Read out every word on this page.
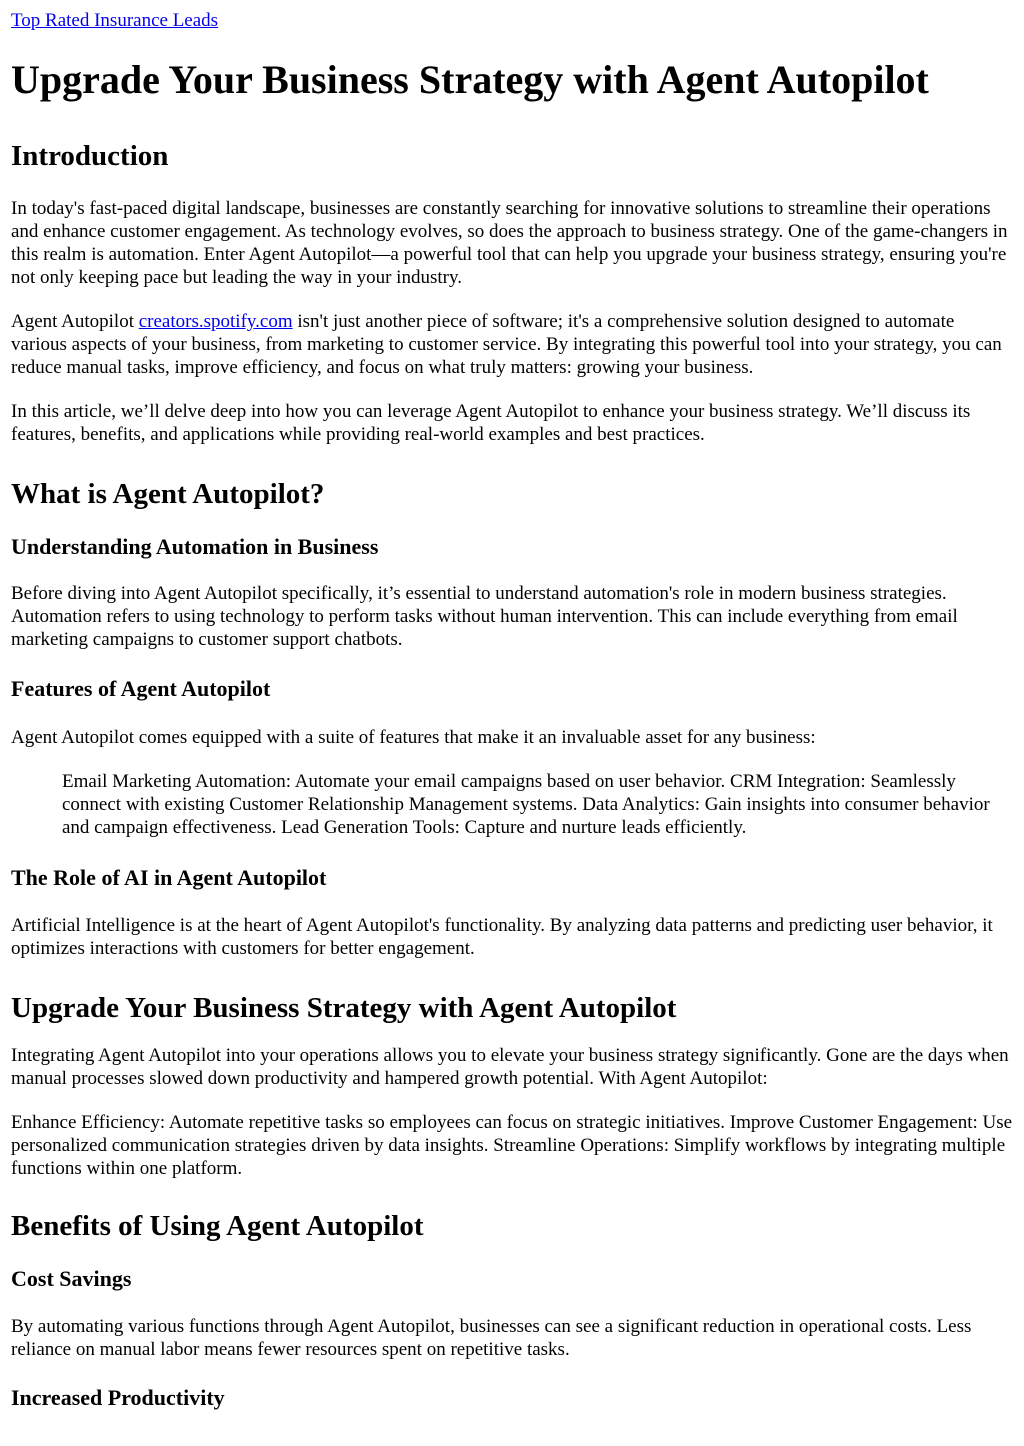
Top Rated Insurance Leads
Upgrade Your Business Strategy with Agent Autopilot
Introduction

In today's fast-paced digital landscape, businesses are constantly searching for innovative solutions to streamline their operations and enhance customer engagement. As technology evolves, so does the approach to business strategy. One of the game-changers in this realm is automation. Enter Agent Autopilot—a powerful tool that can help you upgrade your business strategy, ensuring you're not only keeping pace but leading the way in your industry.

Agent Autopilot creators.spotify.com isn't just another piece of software; it's a comprehensive solution designed to automate various aspects of your business, from marketing to customer service. By integrating this powerful tool into your strategy, you can reduce manual tasks, improve efficiency, and focus on what truly matters: growing your business.

In this article, we’ll delve deep into how you can leverage Agent Autopilot to enhance your business strategy. We’ll discuss its features, benefits, and applications while providing real-world examples and best practices.

What is Agent Autopilot?
Understanding Automation in Business

Before diving into Agent Autopilot specifically, it’s essential to understand automation's role in modern business strategies. Automation refers to using technology to perform tasks without human intervention. This can include everything from email marketing campaigns to customer support chatbots.

Features of Agent Autopilot

Agent Autopilot comes equipped with a suite of features that make it an invaluable asset for any business:

Email Marketing Automation: Automate your email campaigns based on user behavior. CRM Integration: Seamlessly connect with existing Customer Relationship Management systems. Data Analytics: Gain insights into consumer behavior and campaign effectiveness. Lead Generation Tools: Capture and nurture leads efficiently.
The Role of AI in Agent Autopilot

Artificial Intelligence is at the heart of Agent Autopilot's functionality. By analyzing data patterns and predicting user behavior, it optimizes interactions with customers for better engagement.

Upgrade Your Business Strategy with Agent Autopilot

Integrating Agent Autopilot into your operations allows you to elevate your business strategy significantly. Gone are the days when manual processes slowed down productivity and hampered growth potential. With Agent Autopilot:

Enhance Efficiency: Automate repetitive tasks so employees can focus on strategic initiatives. Improve Customer Engagement: Use personalized communication strategies driven by data insights. Streamline Operations: Simplify workflows by integrating multiple functions within one platform.

Benefits of Using Agent Autopilot
Cost Savings

By automating various functions through Agent Autopilot, businesses can see a significant reduction in operational costs. Less reliance on manual labor means fewer resources spent on repetitive tasks.

Increased Productivity
